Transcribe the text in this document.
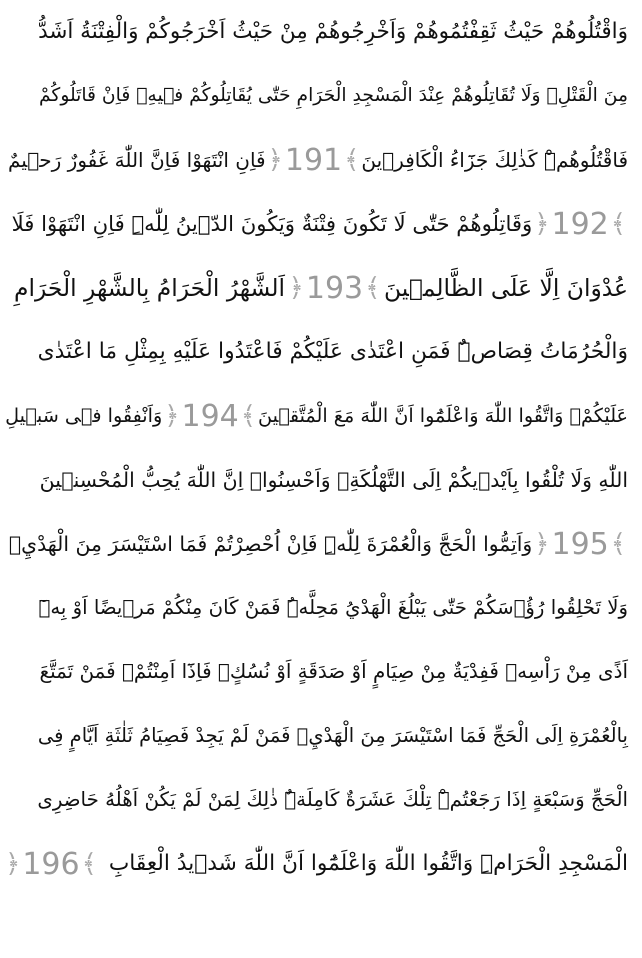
وَاقْتُلُوهُمْ حَيْثُ ثَقِفْتُمُوهُمْ وَاَخْرِجُوهُمْ مِنْ حَيْثُ اَخْرَجُوكُمْ وَالْفِتْنَةُ اَشَدُّ
مِنَ الْقَتْلِۚ وَلَا تُقَاتِلُوهُمْ عِنْدَ الْمَسْجِدِ الْحَرَامِ حَتّٰى يُقَاتِلُوكُمْ فٖيهِۚ فَاِنْ قَاتَلُوكُمْ
فَاقْتُلُوهُمْۜ كَذٰلِكَ جَزَٓاءُ الْكَافِرٖينَ
﴿ 191 ﴾
فَاِنِ انْتَهَوْا فَاِنَّ اللّٰهَ غَفُورٌ رَحٖيمٌ
﴿ 192 ﴾
وَقَاتِلُوهُمْ حَتّٰى لَا تَكُونَ فِتْنَةٌ وَيَكُونَ الدّٖينُ لِلّٰهِۜ فَاِنِ انْتَهَوْا فَلَا
عُدْوَانَ اِلَّا عَلَى الظَّالِمٖينَ
﴿ 193 ﴾
اَلشَّهْرُ الْحَرَامُ بِالشَّهْرِ الْحَرَامِ
وَالْحُرُمَاتُ قِصَاصٌۜ فَمَنِ اعْتَدٰى عَلَيْكُمْ فَاعْتَدُوا عَلَيْهِ بِمِثْلِ مَا اعْتَدٰى
عَلَيْكُمْۖ وَاتَّقُوا اللّٰهَ وَاعْلَمُٓوا اَنَّ اللّٰهَ مَعَ الْمُتَّقٖينَ
﴿ 194 ﴾
وَاَنْفِقُوا فٖى سَبٖيلِ
اللّٰهِ وَلَا تُلْقُوا بِاَيْدٖيكُمْ اِلَى التَّهْلُكَةِۚ وَاَحْسِنُواۚ اِنَّ اللّٰهَ يُحِبُّ الْمُحْسِنٖينَ
﴿ 195 ﴾
وَاَتِمُّوا الْحَجَّ وَالْعُمْرَةَ لِلّٰهِۜ فَاِنْ اُحْصِرْتُمْ فَمَا اسْتَيْسَرَ مِنَ الْهَدْيِۚ
وَلَا تَحْلِقُوا رُؤُ۫سَكُمْ حَتّٰى يَبْلُغَ الْهَدْيُ مَحِلَّهُۜ فَمَنْ كَانَ مِنْكُمْ مَرٖيضًا اَوْ بِهٖٓ
اَذًى مِنْ رَاْسِهٖ فَفِدْيَةٌ مِنْ صِيَامٍ اَوْ صَدَقَةٍ اَوْ نُسُكٍۚ فَاِذَٓا اَمِنْتُمْ۠ فَمَنْ تَمَتَّعَ
بِالْعُمْرَةِ اِلَى الْحَجِّ فَمَا اسْتَيْسَرَ مِنَ الْهَدْيِۚ فَمَنْ لَمْ يَجِدْ فَصِيَامُ ثَلٰثَةِ اَيَّامٍ فِى
الْحَجِّ وَسَبْعَةٍ اِذَا رَجَعْتُمْۜ تِلْكَ عَشَرَةٌ كَامِلَةٌۜ ذٰلِكَ لِمَنْ لَمْ يَكُنْ اَهْلُهُ حَاضِرِى
الْمَسْجِدِ الْحَرَامِۜ وَاتَّقُوا اللّٰهَ وَاعْلَمُٓوا اَنَّ اللّٰهَ شَدٖيدُ الْعِقَابِ
﴿ 196 ﴾
